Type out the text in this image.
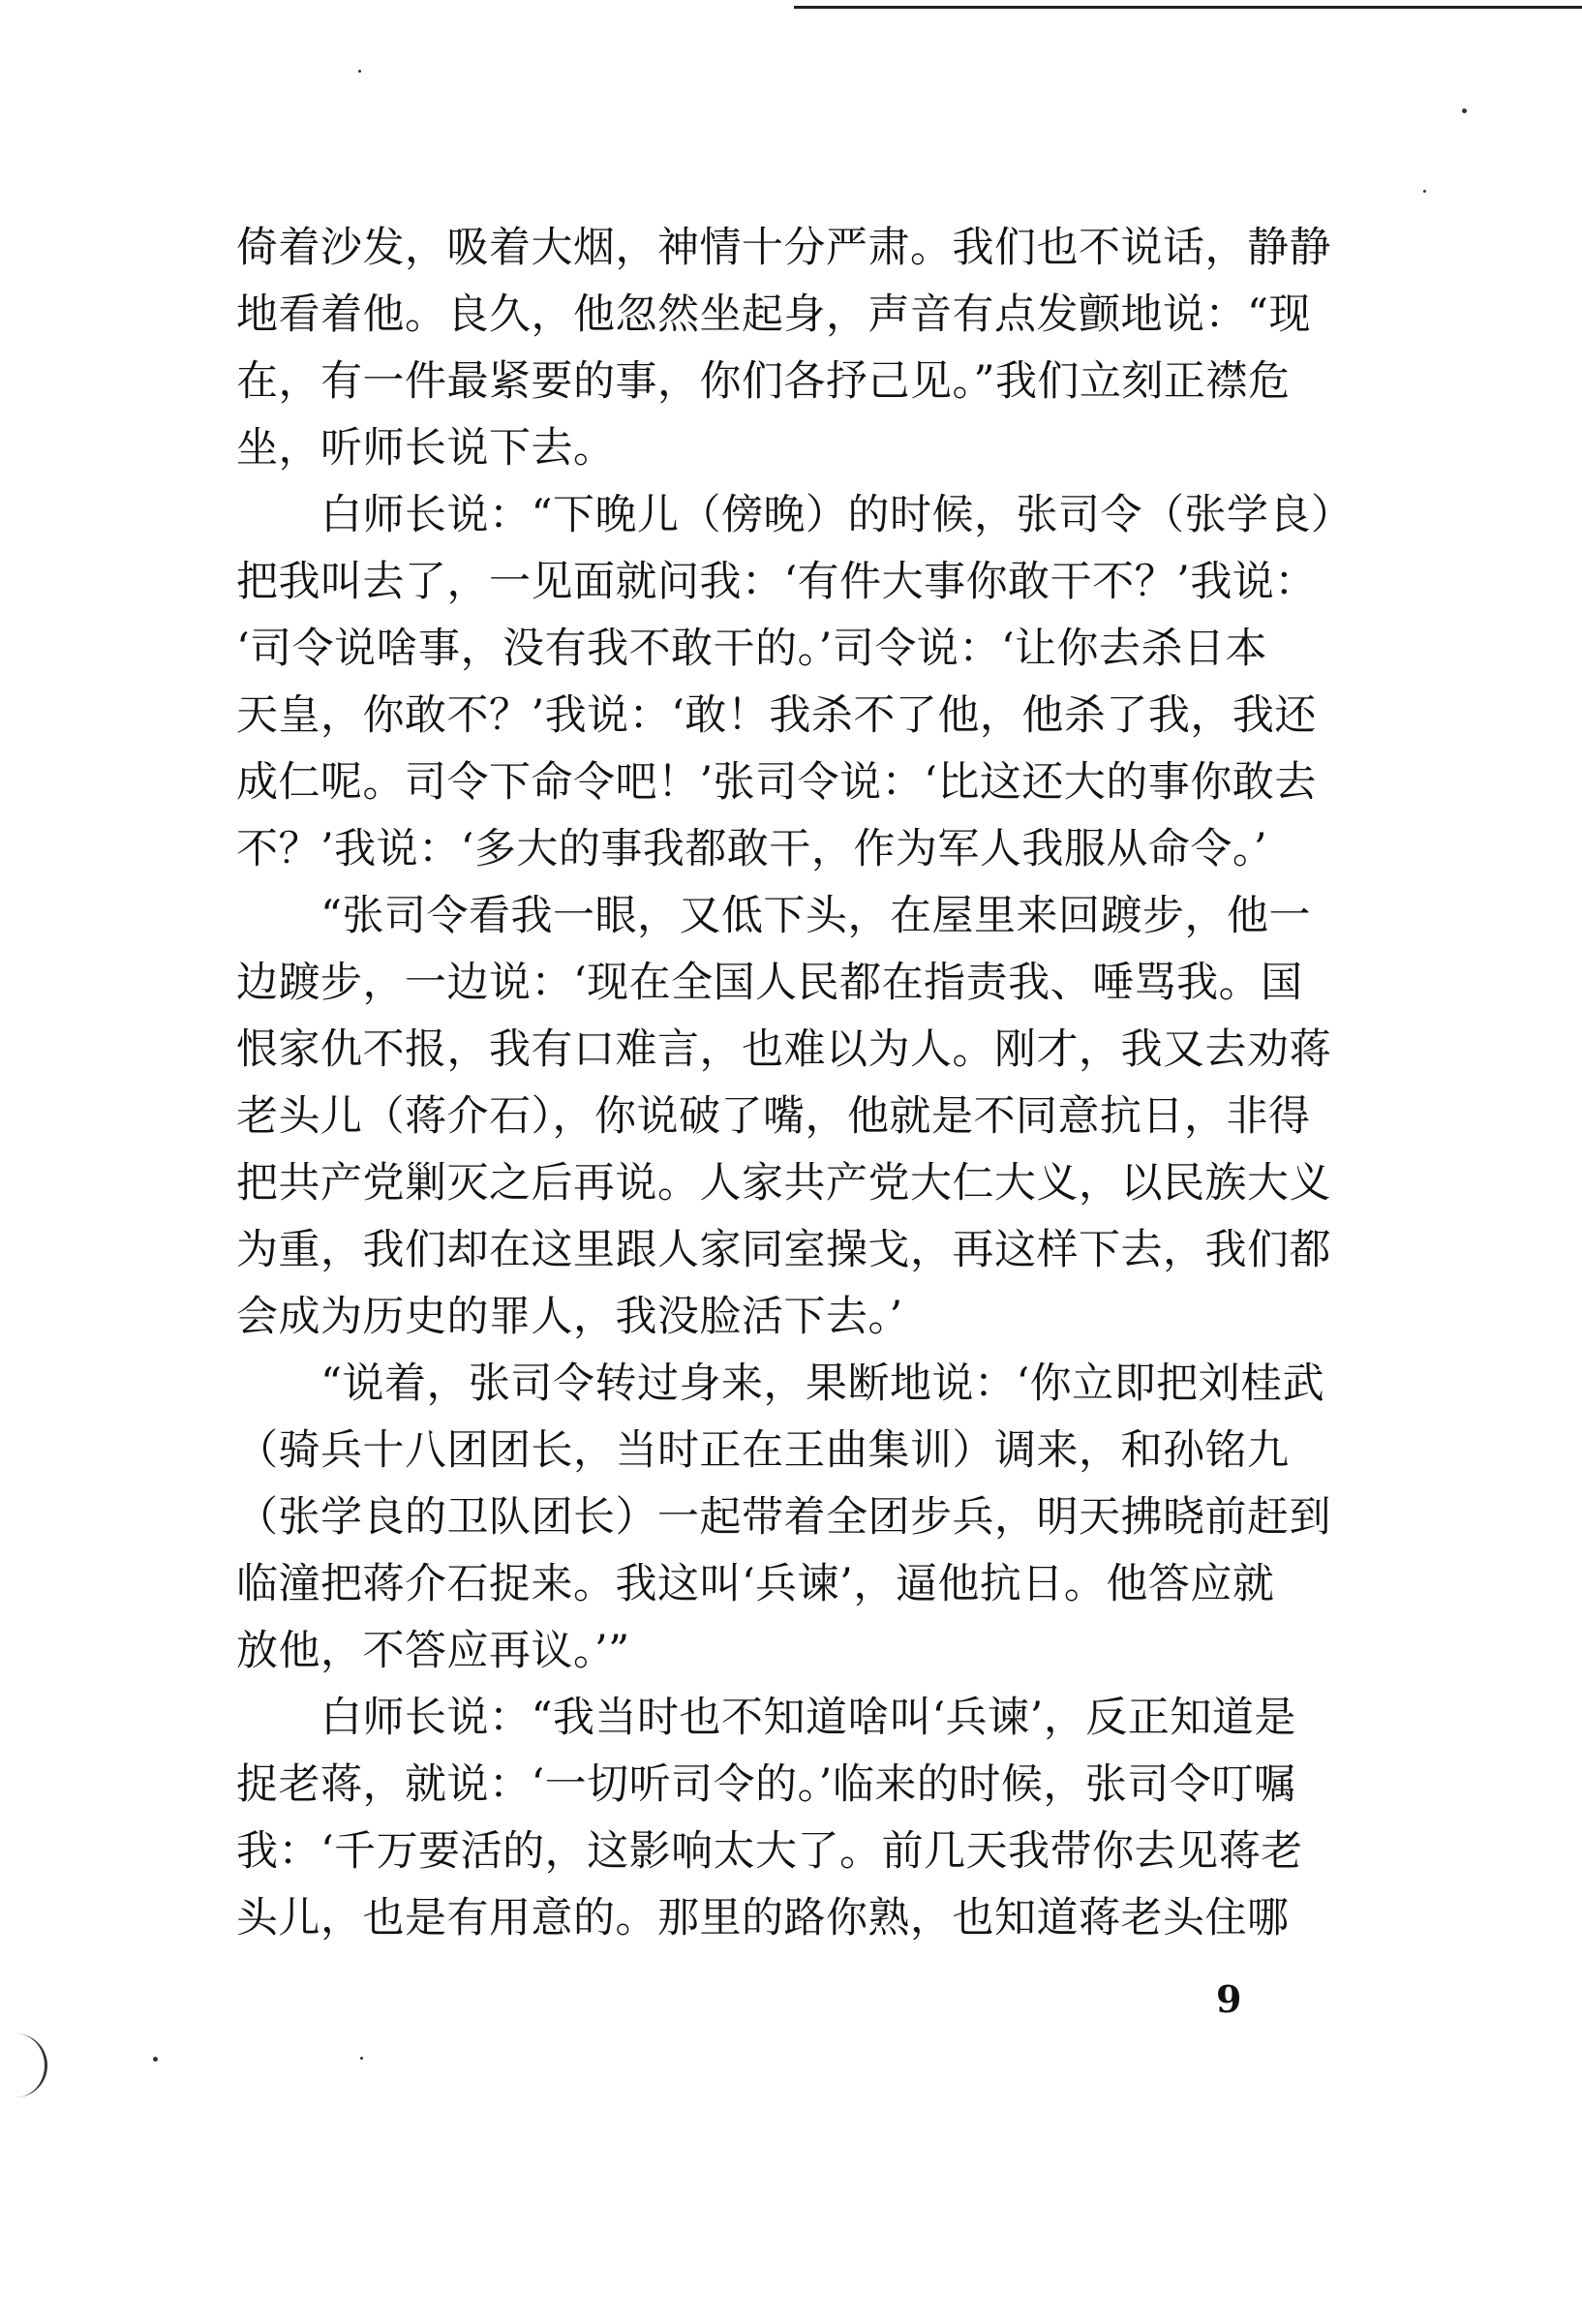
倚着沙发，吸着大烟，神情十分严肃。我们也不说话，静静
地看着他。良久，他忽然坐起身，声音有点发颤地说：“现
在，有一件最紧要的事，你们各抒己见。”我们立刻正襟危
坐，听师长说下去。
　　白师长说：“下晚儿（傍晚）的时候，张司令（张学良）
把我叫去了，一见面就问我：‘有件大事你敢干不？’我说：
‘司令说啥事，没有我不敢干的。’司令说：‘让你去杀日本
天皇，你敢不？’我说：‘敢！我杀不了他，他杀了我，我还
成仁呢。司令下命令吧！’张司令说：‘比这还大的事你敢去
不？’我说：‘多大的事我都敢干，作为军人我服从命令。’
　　“张司令看我一眼，又低下头，在屋里来回踱步，他一
边踱步，一边说：‘现在全国人民都在指责我、唾骂我。国
恨家仇不报，我有口难言，也难以为人。刚才，我又去劝蒋
老头儿（蒋介石），你说破了嘴，他就是不同意抗日，非得
把共产党剿灭之后再说。人家共产党大仁大义，以民族大义
为重，我们却在这里跟人家同室操戈，再这样下去，我们都
会成为历史的罪人，我没脸活下去。’
　　“说着，张司令转过身来，果断地说：‘你立即把刘桂武
（骑兵十八团团长，当时正在王曲集训）调来，和孙铭九
（张学良的卫队团长）一起带着全团步兵，明天拂晓前赶到
临潼把蒋介石捉来。我这叫‘兵谏’，逼他抗日。他答应就
放他，不答应再议。’”
　　白师长说：“我当时也不知道啥叫‘兵谏’，反正知道是
捉老蒋，就说：‘一切听司令的。’临来的时候，张司令叮嘱
我：‘千万要活的，这影响太大了。前几天我带你去见蒋老
头儿，也是有用意的。那里的路你熟，也知道蒋老头住哪
9
